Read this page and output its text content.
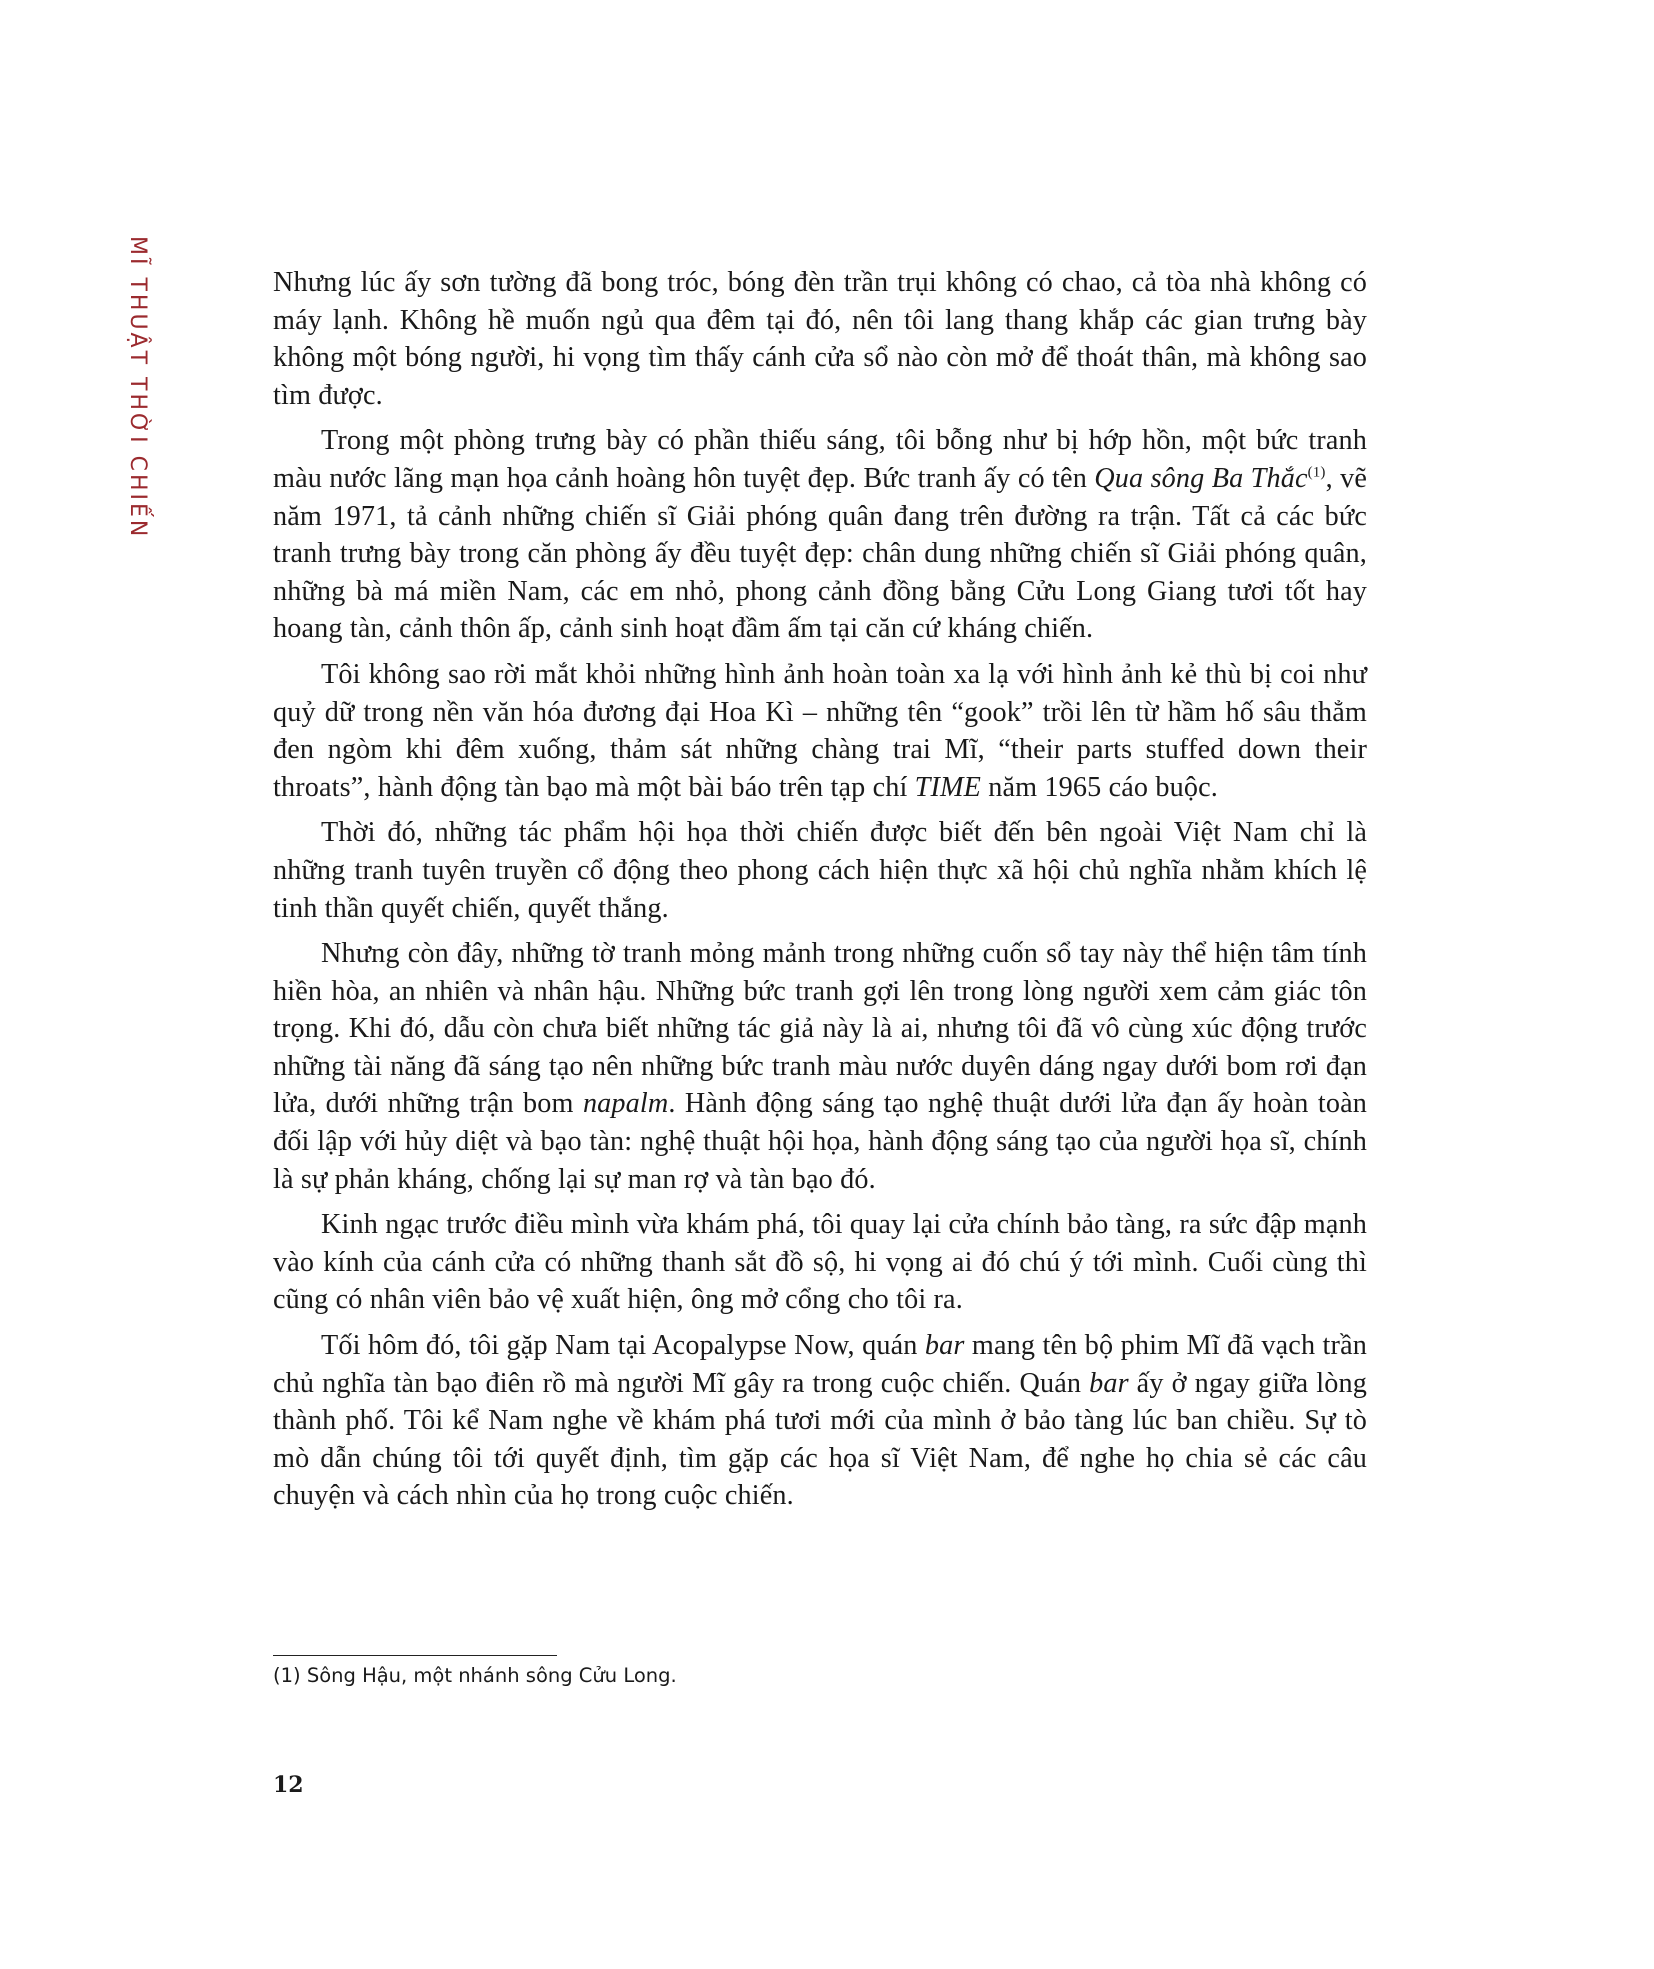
MĨ THUẬT THỜI CHIẾN	Nhưng lúc ấy sơn tường đã bong tróc, bóng đèn trần trụi không có chao, cả tòa nhà không có máy lạnh. Không hề muốn ngủ qua đêm tại đó, nên tôi lang thang khắp các gian trưng bày không một bóng người, hi vọng tìm thấy cánh cửa sổ nào còn mở để thoát thân, mà không sao tìm được.

Trong một phòng trưng bày có phần thiếu sáng, tôi bỗng như bị hớp hồn, một bức tranh màu nước lãng mạn họa cảnh hoàng hôn tuyệt đẹp. Bức tranh ấy có tên Qua sông Ba Thắc$^{(1)}$, vẽ năm 1971, tả cảnh những chiến sĩ Giải phóng quân đang trên đường ra trận. Tất cả các bức tranh trưng bày trong căn phòng ấy đều tuyệt đẹp: chân dung những chiến sĩ Giải phóng quân, những bà má miền Nam, các em nhỏ, phong cảnh đồng bằng Cửu Long Giang tươi tốt hay hoang tàn, cảnh thôn ấp, cảnh sinh hoạt đầm ấm tại căn cứ kháng chiến.

Tôi không sao rời mắt khỏi những hình ảnh hoàn toàn xa lạ với hình ảnh kẻ thù bị coi như quỷ dữ trong nền văn hóa đương đại Hoa Kì – những tên “gook” trồi lên từ hầm hố sâu thẳm đen ngòm khi đêm xuống, thảm sát những chàng trai Mĩ, “their parts stuffed down their throats”, hành động tàn bạo mà một bài báo trên tạp chí TIME năm 1965 cáo buộc.

Thời đó, những tác phẩm hội họa thời chiến được biết đến bên ngoài Việt Nam chỉ là những tranh tuyên truyền cổ động theo phong cách hiện thực xã hội chủ nghĩa nhằm khích lệ tinh thần quyết chiến, quyết thắng.

Nhưng còn đây, những tờ tranh mỏng mảnh trong những cuốn sổ tay này thể hiện tâm tính hiền hòa, an nhiên và nhân hậu. Những bức tranh gợi lên trong lòng người xem cảm giác tôn trọng. Khi đó, dẫu còn chưa biết những tác giả này là ai, nhưng tôi đã vô cùng xúc động trước những tài năng đã sáng tạo nên những bức tranh màu nước duyên dáng ngay dưới bom rơi đạn lửa, dưới những trận bom napalm. Hành động sáng tạo nghệ thuật dưới lửa đạn ấy hoàn toàn đối lập với hủy diệt và bạo tàn: nghệ thuật hội họa, hành động sáng tạo của người họa sĩ, chính là sự phản kháng, chống lại sự man rợ và tàn bạo đó.

Kinh ngạc trước điều mình vừa khám phá, tôi quay lại cửa chính bảo tàng, ra sức đập mạnh vào kính của cánh cửa có những thanh sắt đồ sộ, hi vọng ai đó chú ý tới mình. Cuối cùng thì cũng có nhân viên bảo vệ xuất hiện, ông mở cổng cho tôi ra.

Tối hôm đó, tôi gặp Nam tại Acopalypse Now, quán bar mang tên bộ phim Mĩ đã vạch trần chủ nghĩa tàn bạo điên rồ mà người Mĩ gây ra trong cuộc chiến. Quán bar ấy ở ngay giữa lòng thành phố. Tôi kể Nam nghe về khám phá tươi mới của mình ở bảo tàng lúc ban chiều. Sự tò mò dẫn chúng tôi tới quyết định, tìm gặp các họa sĩ Việt Nam, để nghe họ chia sẻ các câu chuyện và cách nhìn của họ trong cuộc chiến.

(1) Sông Hậu, một nhánh sông Cửu Long.
12
